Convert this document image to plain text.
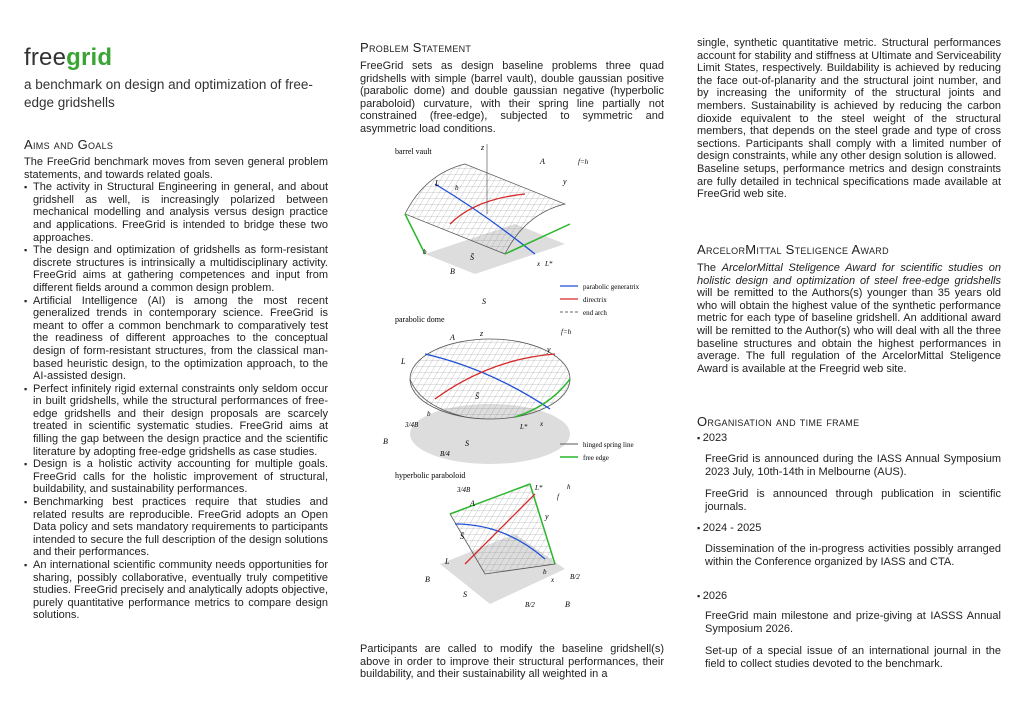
freegrid
a benchmark on design and optimization of free-edge gridshells
Aims and Goals

The FreeGrid benchmark moves from seven general problem statements, and towards related goals.

▪ The activity in Structural Engineering in general, and about gridshell as well, is increasingly polarized between mechanical modelling and analysis versus design practice and applications. FreeGrid is intended to bridge these two approaches.
▪ The design and optimization of gridshells as form-resistant discrete structures is intrinsically a multidisciplinary activity. FreeGrid aims at gathering competences and input from different fields around a common design problem.
▪ Artificial Intelligence (AI) is among the most recent generalized trends in contemporary science. FreeGrid is meant to offer a common benchmark to comparatively test the readiness of different approaches to the conceptual design of form-resistant structures, from the classical man-based heuristic design, to the optimization approach, to the AI-assisted design.
▪ Perfect infinitely rigid external constraints only seldom occur in built gridshells, while the structural performances of free-edge gridshells and their design proposals are scarcely treated in scientific systematic studies. FreeGrid aims at filling the gap between the design practice and the scientific literature by adopting free-edge gridshells as case studies.
▪ Design is a holistic activity accounting for multiple goals. FreeGrid calls for the holistic improvement of structural, buildability, and sustainability performances.
▪ Benchmarking best practices require that studies and related results are reproducible. FreeGrid adopts an Open Data policy and sets mandatory requirements to participants intended to secure the full description of the design solutions and their performances.
▪ An international scientific community needs opportunities for sharing, possibly collaborative, eventually truly competitive studies. FreeGrid precisely and analytically adopts objective, purely quantitative performance metrics to compare design solutions.
Problem Statement
FreeGrid sets as design baseline problems three quad gridshells with simple (barrel vault), double gaussian positive (parabolic dome) and double gaussian negative (hyperbolic paraboloid) curvature, with their spring line partially not constrained (free-edge), subjected to symmetric and asymmetric load conditions.
barrel vault	z
A	f=h
y
L b
b
S̄
x L*
B
S
parabolic generatrix
directrix
end arch
parabolic dome
z
A
f=h
y
L
S̄
L* x
b
3/4B
B	S
B/4
hinged spring line
free edge
hyperbolic paraboloid
3/4B
A
L*	h
f
y
S̄
L
b
x B/2
B
S
B/2	B
Participants are called to modify the baseline gridshell(s) above in order to improve their structural performances, their buildability, and their sustainability all weighted in a

single, synthetic quantitative metric. Structural performances account for stability and stiffness at Ultimate and Serviceability Limit States, respectively. Buildability is achieved by reducing the face out-of-planarity and the structural joint number, and by increasing the uniformity of the structural joints and members. Sustainability is achieved by reducing the carbon dioxide equivalent to the steel weight of the structural members, that depends on the steel grade and type of cross sections. Participants shall comply with a limited number of design constraints, while any other design solution is allowed.

Baseline setups, performance metrics and design constraints are fully detailed in technical specifications made available at FreeGrid web site.

ArcelorMittal Steligence Award
The ArcelorMittal Steligence Award for scientific studies on holistic design and optimization of steel free-edge gridshells will be remitted to the Authors(s) younger than 35 years old who will obtain the highest value of the synthetic performance metric for each type of baseline gridshell. An additional award will be remitted to the Author(s) who will deal with all the three baseline structures and obtain the highest performances in average. The full regulation of the ArcelorMittal Steligence Award is available at the Freegrid web site.
Organisation and time frame
▪ 2023
FreeGrid is announced during the IASS Annual Symposium 2023 July, 10th-14th in Melbourne (AUS).
FreeGrid is announced through publication in scientific journals.
▪ 2024 - 2025
Dissemination of the in-progress activities possibly arranged within the Conference organized by IASS and CTA.
▪ 2026
FreeGrid main milestone and prize-giving at IASSS Annual Symposium 2026.
Set-up of a special issue of an international journal in the field to collect studies devoted to the benchmark.
